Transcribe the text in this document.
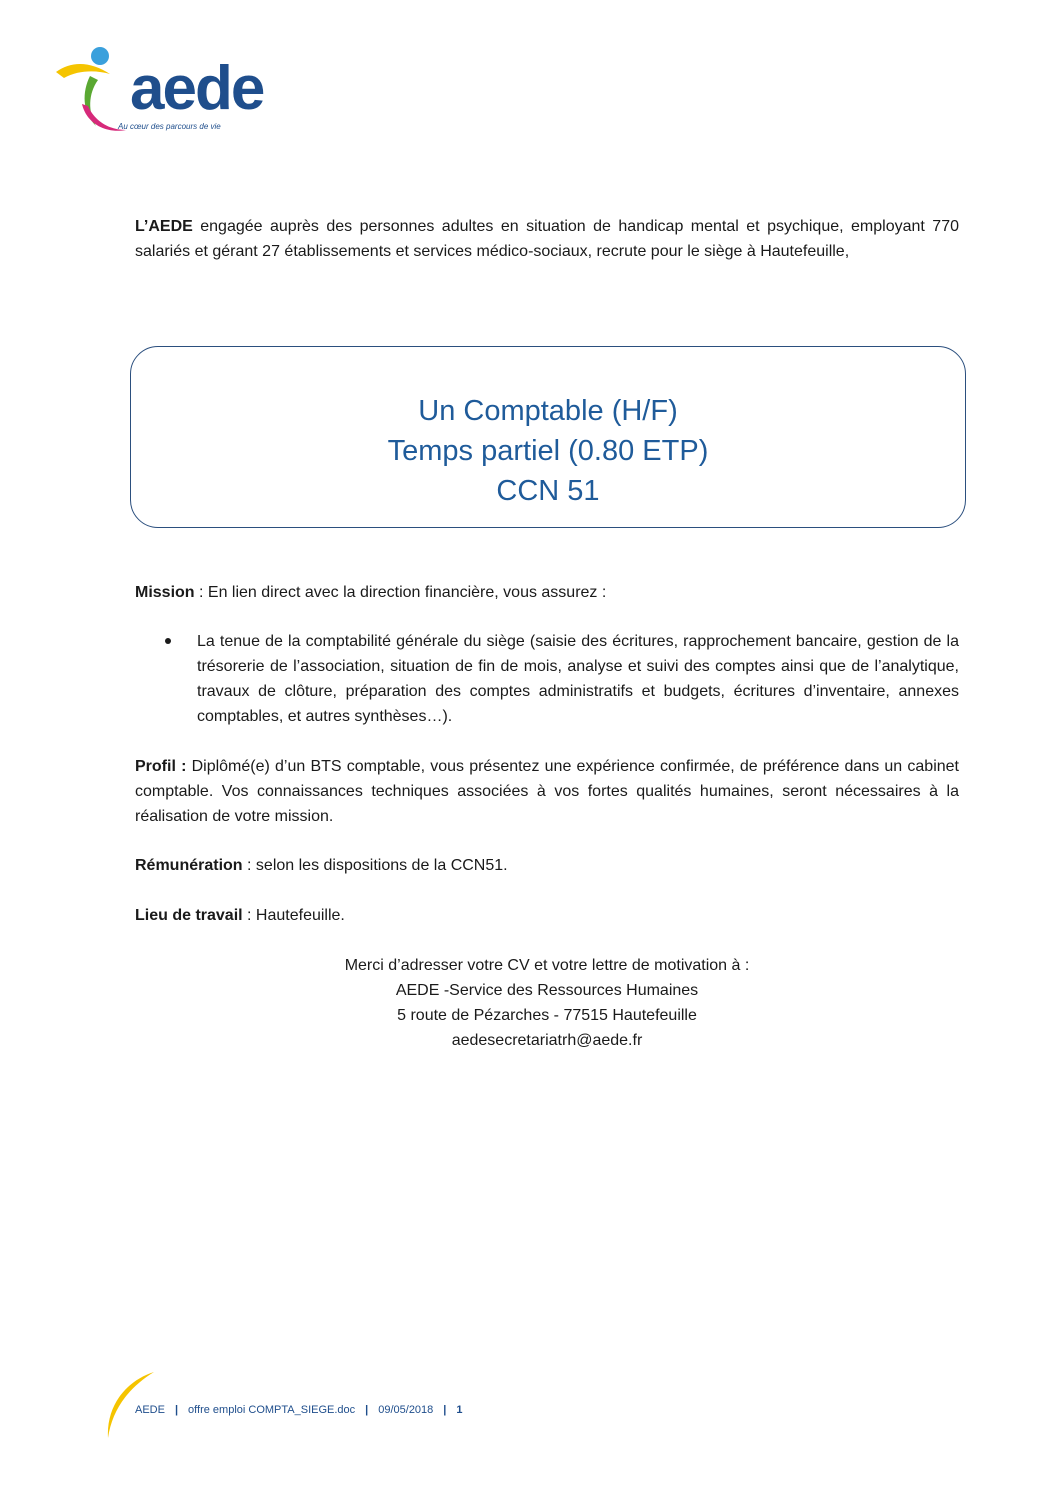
aede
Au cœur des parcours de vie
L’AEDE engagée auprès des personnes adultes en situation de handicap mental et psychique, employant 770 salariés et gérant 27 établissements et services médico-sociaux, recrute pour le siège à Hautefeuille,
Un Comptable (H/F)
Temps partiel (0.80 ETP)
CCN 51
Mission : En lien direct avec la direction financière, vous assurez :
La tenue de la comptabilité générale du siège (saisie des écritures, rapprochement bancaire, gestion de la trésorerie de l’association, situation de fin de mois, analyse et suivi des comptes ainsi que de l’analytique, travaux de clôture, préparation des comptes administratifs et budgets, écritures d’inventaire, annexes comptables, et autres synthèses…).
Profil : Diplômé(e) d’un BTS comptable, vous présentez une expérience confirmée, de préférence dans un cabinet comptable. Vos connaissances techniques associées à vos fortes qualités humaines, seront nécessaires à la réalisation de votre mission.
Rémunération : selon les dispositions de la CCN51.
Lieu de travail : Hautefeuille.
Merci d’adresser votre CV et votre lettre de motivation à :
AEDE -Service des Ressources Humaines
5 route de Pézarches - 77515 Hautefeuille
aedesecretariatrh@aede.fr
AEDE | offre emploi COMPTA_SIEGE.doc | 09/05/2018 | 1
